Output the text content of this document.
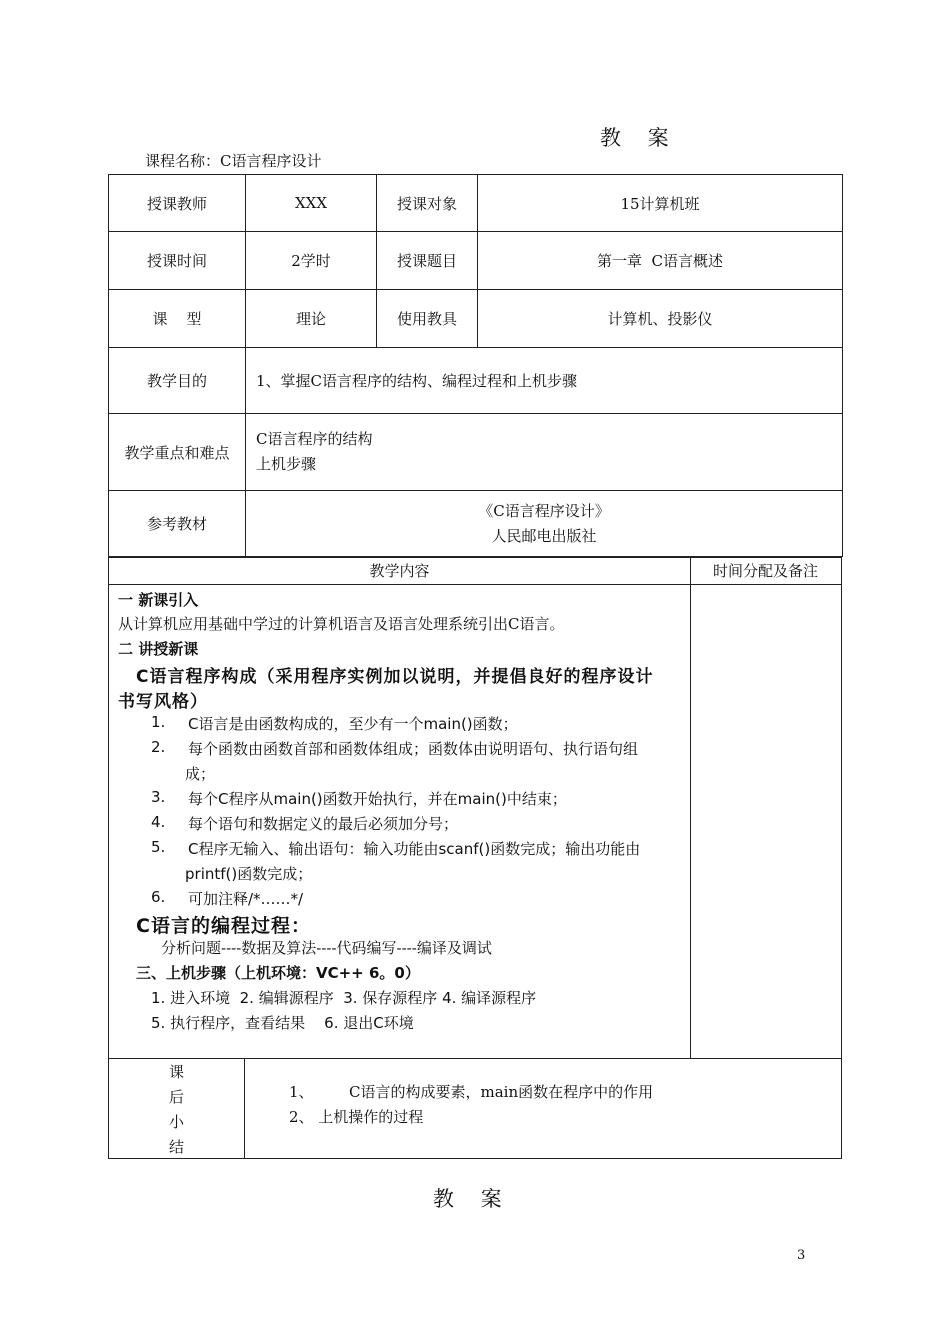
教 案
课程名称：C语言程序设计
授课教师	XXX	授课对象	15计算机班
授课时间	2学时	授课题目	第一章  C语言概述
课    型	理论	使用教具	计算机、投影仪
教学目的	1、掌握C语言程序的结构、编程过程和上机步骤		
教学重点和难点	C语言程序的结构
上机步骤		

参考教材	《C语言程序设计》
人民邮电出版社		
教学内容	时间分配及备注
一 新课引入
从计算机应用基础中学过的计算机语言及语言处理系统引出C语言。
二 讲授新课
C语言程序构成（采用程序实例加以说明，并提倡良好的程序设计
书写风格）
1. C语言是由函数构成的，至少有一个main()函数；
2. 每个函数由函数首部和函数体组成；函数体由说明语句、执行语句组
成；
3. 每个C程序从main()函数开始执行，并在main()中结束；
4. 每个语句和数据定义的最后必须加分号；
5. C程序无输入、输出语句：输入功能由scanf()函数完成；输出功能由
printf()函数完成；
6. 可加注释/*……*/
C语言的编程过程：
分析问题----数据及算法----代码编写----编译及调试
三、上机步骤（上机环境：VC++ 6。0）
1. 进入环境  2. 编辑源程序  3. 保存源程序 4. 编译源程序
5. 执行程序，查看结果    6. 退出C环境
课
后
小
结
1、 C语言的构成要素，main函数在程序中的作用
2、 上机操作的过程
教 案
3
